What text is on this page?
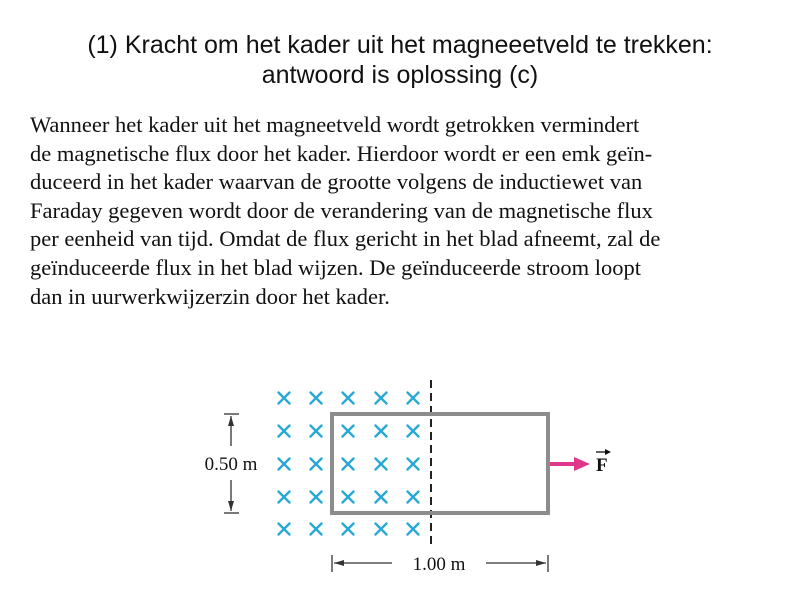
(1) Kracht om het kader uit het magneeetveld te trekken:
antwoord is oplossing (c)
Wanneer het kader uit het magneetveld wordt getrokken vermindert
de magnetische flux door het kader. Hierdoor wordt er een emk geïn-
duceerd in het kader waarvan de grootte volgens de inductiewet van
Faraday gegeven wordt door de verandering van de magnetische flux
per eenheid van tijd. Omdat de flux gericht in het blad afneemt, zal de
geïnduceerde flux in het blad wijzen. De geïnduceerde stroom loopt
dan in uurwerkwijzerzin door het kader.
F
0.50 m
1.00 m
